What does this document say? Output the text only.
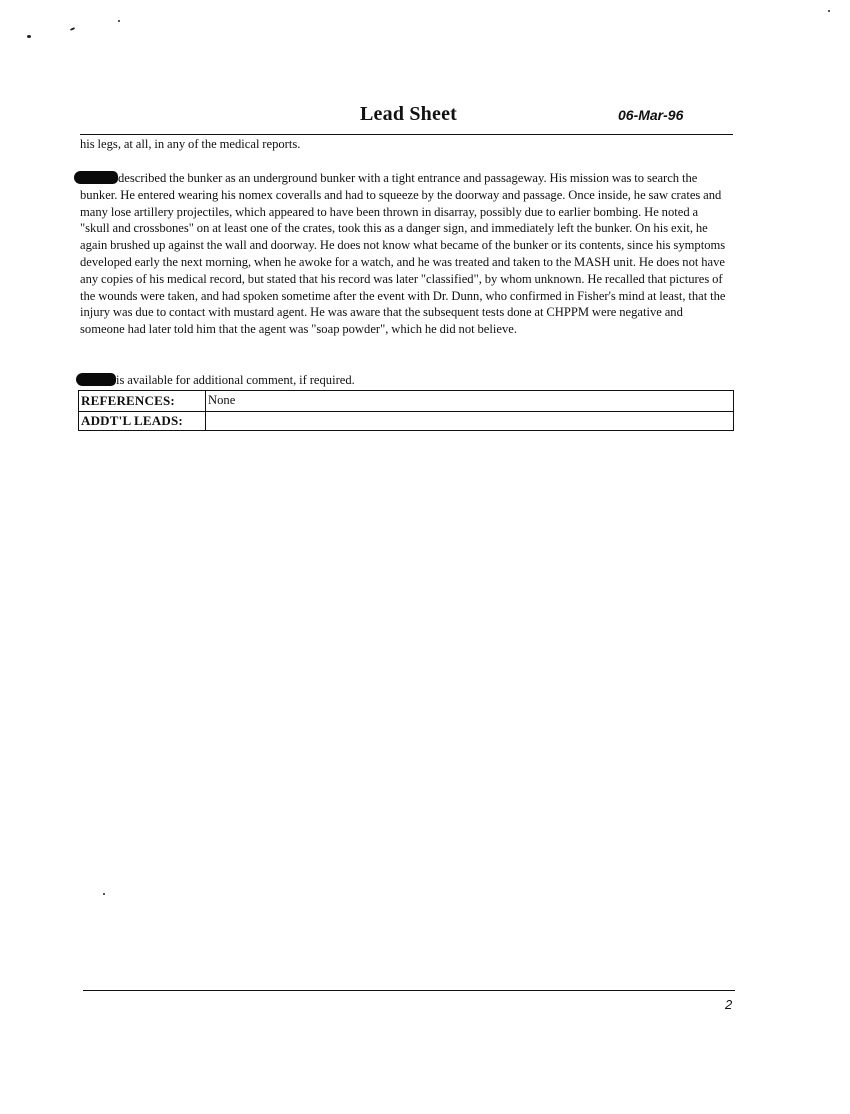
Lead Sheet	06-Mar-96
his legs, at all, in any of the medical reports.
described the bunker as an underground bunker with a tight entrance and passageway. His mission was to search the bunker. He entered wearing his nomex coveralls and had to squeeze by the doorway and passage. Once inside, he saw crates and many lose artillery projectiles, which appeared to have been thrown in disarray, possibly due to earlier bombing. He noted a "skull and crossbones" on at least one of the crates, took this as a danger sign, and immediately left the bunker. On his exit, he again brushed up against the wall and doorway. He does not know what became of the bunker or its contents, since his symptoms developed early the next morning, when he awoke for a watch, and he was treated and taken to the MASH unit. He does not have any copies of his medical record, but stated that his record was later "classified", by whom unknown. He recalled that pictures of the wounds were taken, and had spoken sometime after the event with Dr. Dunn, who confirmed in Fisher's mind at least, that the injury was due to contact with mustard agent. He was aware that the subsequent tests done at CHPPM were negative and someone had later told him that the agent was "soap powder", which he did not believe.
is available for additional comment, if required.
REFERENCES:	None
ADDT'L LEADS:
2
